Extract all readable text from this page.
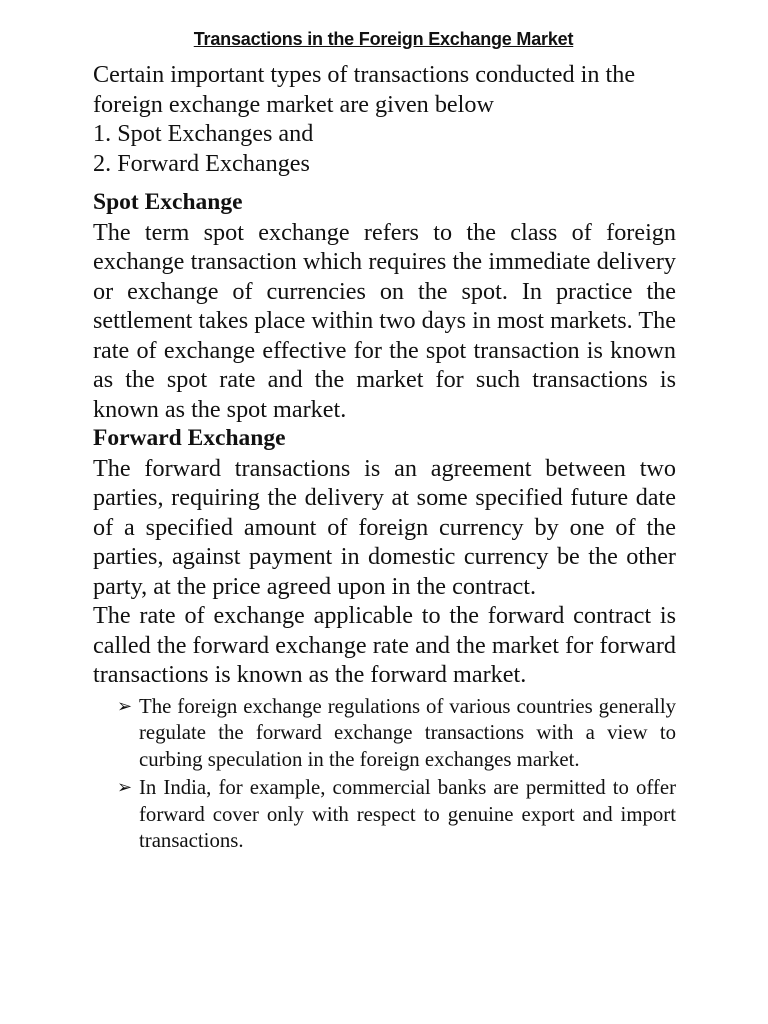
Transactions in the Foreign Exchange Market

Certain important types of transactions conducted in the foreign exchange market are given below
1. Spot Exchanges and
2. Forward Exchanges

Spot Exchange

The term spot exchange refers to the class of foreign exchange transaction which requires the immediate delivery or exchange of currencies on the spot. In practice the settlement takes place within two days in most markets. The rate of exchange effective for the spot transaction is known as the spot rate and the market for such transactions is known as the spot market.

Forward Exchange

The forward transactions is an agreement between two parties, requiring the delivery at some specified future date of a specified amount of foreign currency by one of the parties, against payment in domestic currency be the other party, at the price agreed upon in the contract.

The rate of exchange applicable to the forward contract is called the forward exchange rate and the market for forward transactions is known as the forward market.

➢ The foreign exchange regulations of various countries generally regulate the forward exchange transactions with a view to curbing speculation in the foreign exchanges market.
➢ In India, for example, commercial banks are permitted to offer forward cover only with respect to genuine export and import transactions.
